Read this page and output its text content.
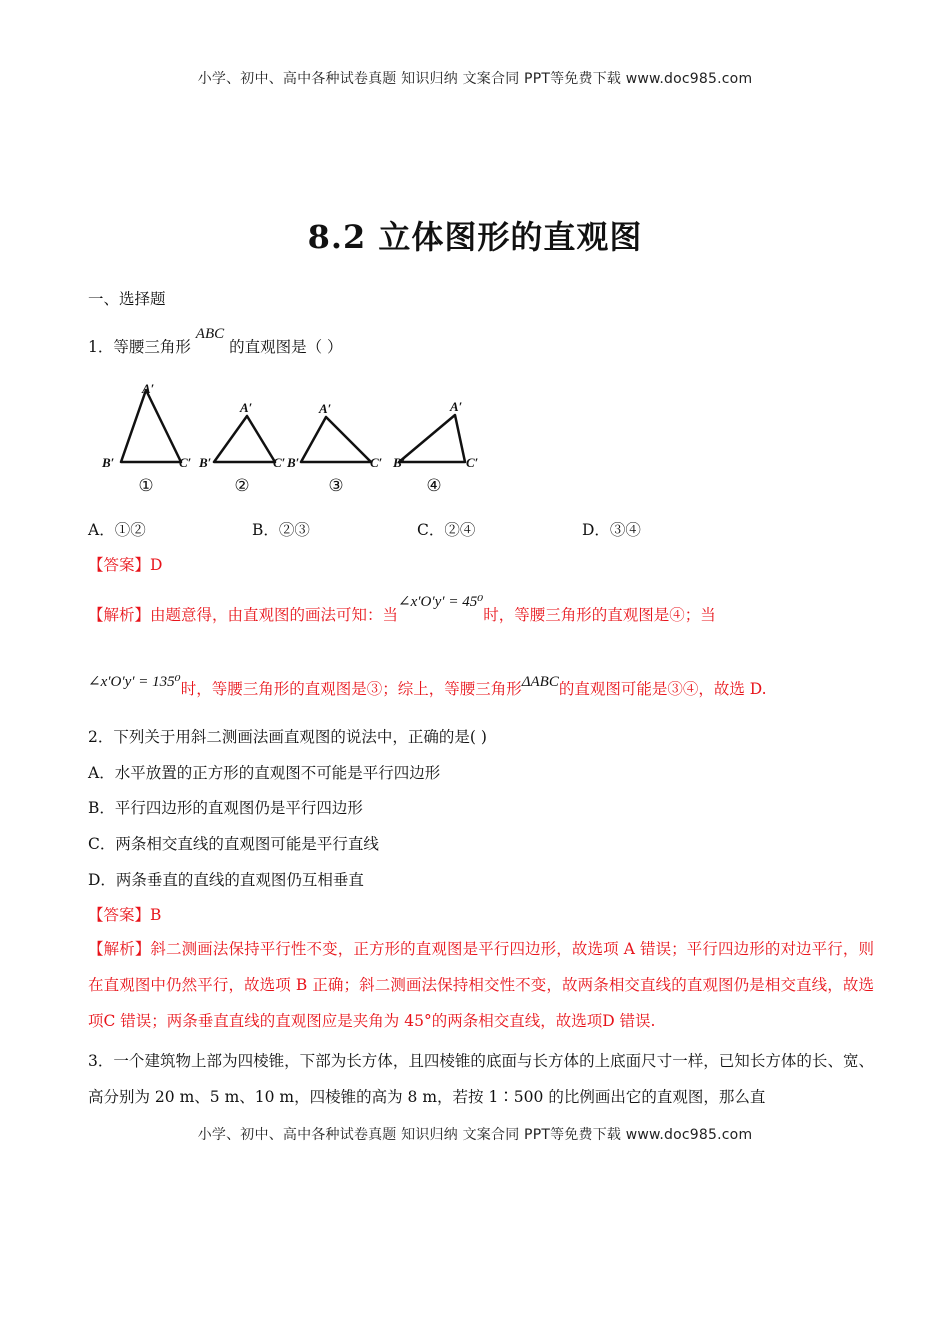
小学、初中、高中各种试卷真题 知识归纳 文案合同 PPT等免费下载 www.doc985.com
8.2 立体图形的直观图
一、选择题
1．等腰三角形 ABC 的直观图是（ ）
A′
B′	C′
A′
B′	C′
A′
B′	C′
A′
B′	C′
①	②	③	④
A．①②	B．②③	C．②④	D．③④
【答案】D
【解析】由题意得，由直观图的画法可知：当∠x′O′y′ = 45⁰时，等腰三角形的直观图是④；当
∠x′O′y′ = 135⁰时，等腰三角形的直观图是③；综上，等腰三角形ΔABC的直观图可能是③④，故选 D.
2．下列关于用斜二测画法画直观图的说法中，正确的是( )
A．水平放置的正方形的直观图不可能是平行四边形
B．平行四边形的直观图仍是平行四边形
C．两条相交直线的直观图可能是平行直线
D．两条垂直的直线的直观图仍互相垂直
【答案】B
【解析】斜二测画法保持平行性不变，正方形的直观图是平行四边形，故选项 A 错误；平行四边形的对边平行，则在直观图中仍然平行，故选项 B 正确；斜二测画法保持相交性不变，故两条相交直线的直观图仍是相交直线，故选项C 错误；两条垂直直线的直观图应是夹角为 45°的两条相交直线，故选项D 错误.
3．一个建筑物上部为四棱锥，下部为长方体，且四棱锥的底面与长方体的上底面尺寸一样，已知长方体的长、宽、高分别为 20 m、5 m、10 m，四棱锥的高为 8 m，若按 1∶500 的比例画出它的直观图，那么直
小学、初中、高中各种试卷真题 知识归纳 文案合同 PPT等免费下载 www.doc985.com
